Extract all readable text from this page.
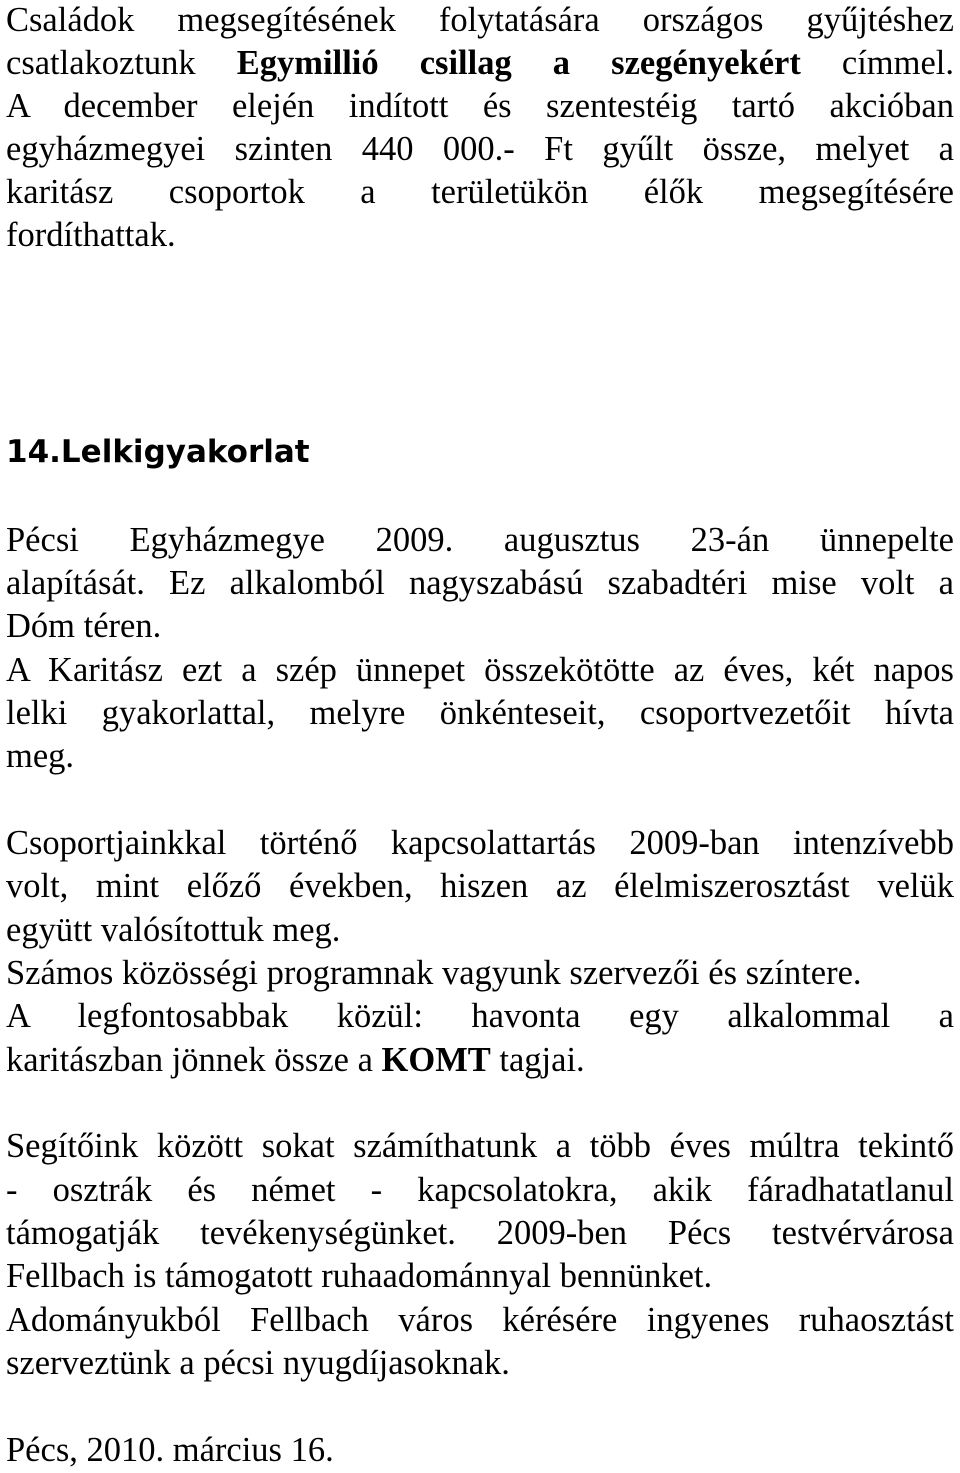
Családok megsegítésének folytatására országos gyűjtéshez
csatlakoztunk Egymillió csillag a szegényekért címmel.
A december elején indított és szentestéig tartó akcióban
egyházmegyei szinten 440 000.- Ft gyűlt össze, melyet a
karitász csoportok a területükön élők megsegítésére
fordíthattak.
14.Lelkigyakorlat
Pécsi Egyházmegye 2009. augusztus 23-án ünnepelte
alapítását. Ez alkalomból nagyszabású szabadtéri mise volt a
Dóm téren.
A Karitász ezt a szép ünnepet összekötötte az éves, két napos
lelki gyakorlattal, melyre önkénteseit, csoportvezetőit hívta
meg.
Csoportjainkkal történő kapcsolattartás 2009-ban intenzívebb
volt, mint előző években, hiszen az élelmiszerosztást velük
együtt valósítottuk meg.
Számos közösségi programnak vagyunk szervezői és színtere.
A legfontosabbak közül: havonta egy alkalommal a
karitászban jönnek össze a KOMT tagjai.
Segítőink között sokat számíthatunk a több éves múltra tekintő
- osztrák és német - kapcsolatokra, akik fáradhatatlanul
támogatják tevékenységünket. 2009-ben Pécs testvérvárosa
Fellbach is támogatott ruhaadománnyal bennünket.
Adományukból Fellbach város kérésére ingyenes ruhaosztást
szerveztünk a pécsi nyugdíjasoknak.
Pécs, 2010. március 16.
